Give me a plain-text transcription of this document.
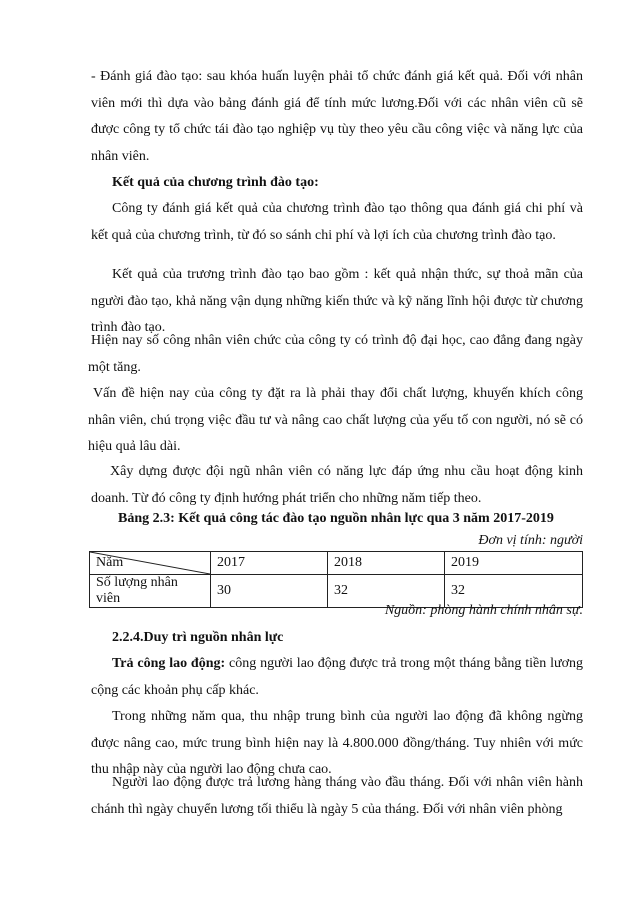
- Đánh giá đào tạo: sau khóa huấn luyện phải tổ chức đánh giá kết quả. Đối với nhân viên mới thì dựa vào bảng đánh giá để tính mức lương.Đối với các nhân viên cũ sẽ được công ty tổ chức tái đào tạo nghiệp vụ tùy theo yêu cầu công việc và năng lực của nhân viên.

Kết quả của chương trình đào tạo:

Công ty đánh giá kết quả của chương trình đào tạo thông qua đánh giá chi phí và kết quả của chương trình, từ đó so sánh chi phí và lợi ích của chương trình đào tạo.

Kết quả của trương trình đào tạo bao gồm : kết quả nhận thức, sự thoả mãn của người đào tạo, khả năng vận dụng những kiến thức và kỹ năng lĩnh hội được từ chương trình đào tạo.

Hiện nay số công nhân viên chức của công ty có trình độ đại học, cao đẳng đang ngày một tăng.

Vấn đề hiện nay của công ty đặt ra là phải thay đổi chất lượng, khuyến khích công nhân viên, chú trọng việc đầu tư và nâng cao chất lượng của yếu tố con người, nó sẽ có hiệu quả lâu dài.

Xây dựng được đội ngũ nhân viên có năng lực đáp ứng nhu cầu hoạt động kinh doanh. Từ đó công ty định hướng phát triển cho những năm tiếp theo.

Bảng 2.3: Kết quả công tác đào tạo nguồn nhân lực qua 3 năm 2017-2019

Đơn vị tính: người

Năm	2017	2018	2019
Số lượng nhân viên	30	32	32

Nguồn: phòng hành chính nhân sự.

2.2.4.Duy trì nguồn nhân lực

Trả công lao động: công người lao động được trả trong một tháng bằng tiền lương cộng các khoản phụ cấp khác.

Trong những năm qua, thu nhập trung bình của người lao động đã không ngừng được nâng cao, mức trung bình hiện nay là 4.800.000 đồng/tháng. Tuy nhiên với mức thu nhập này của người lao động chưa cao.

Người lao động được trả lương hàng tháng vào đầu tháng. Đối với nhân viên hành chánh thì ngày chuyển lương tối thiểu là ngày 5 của tháng. Đối với nhân viên phòng
